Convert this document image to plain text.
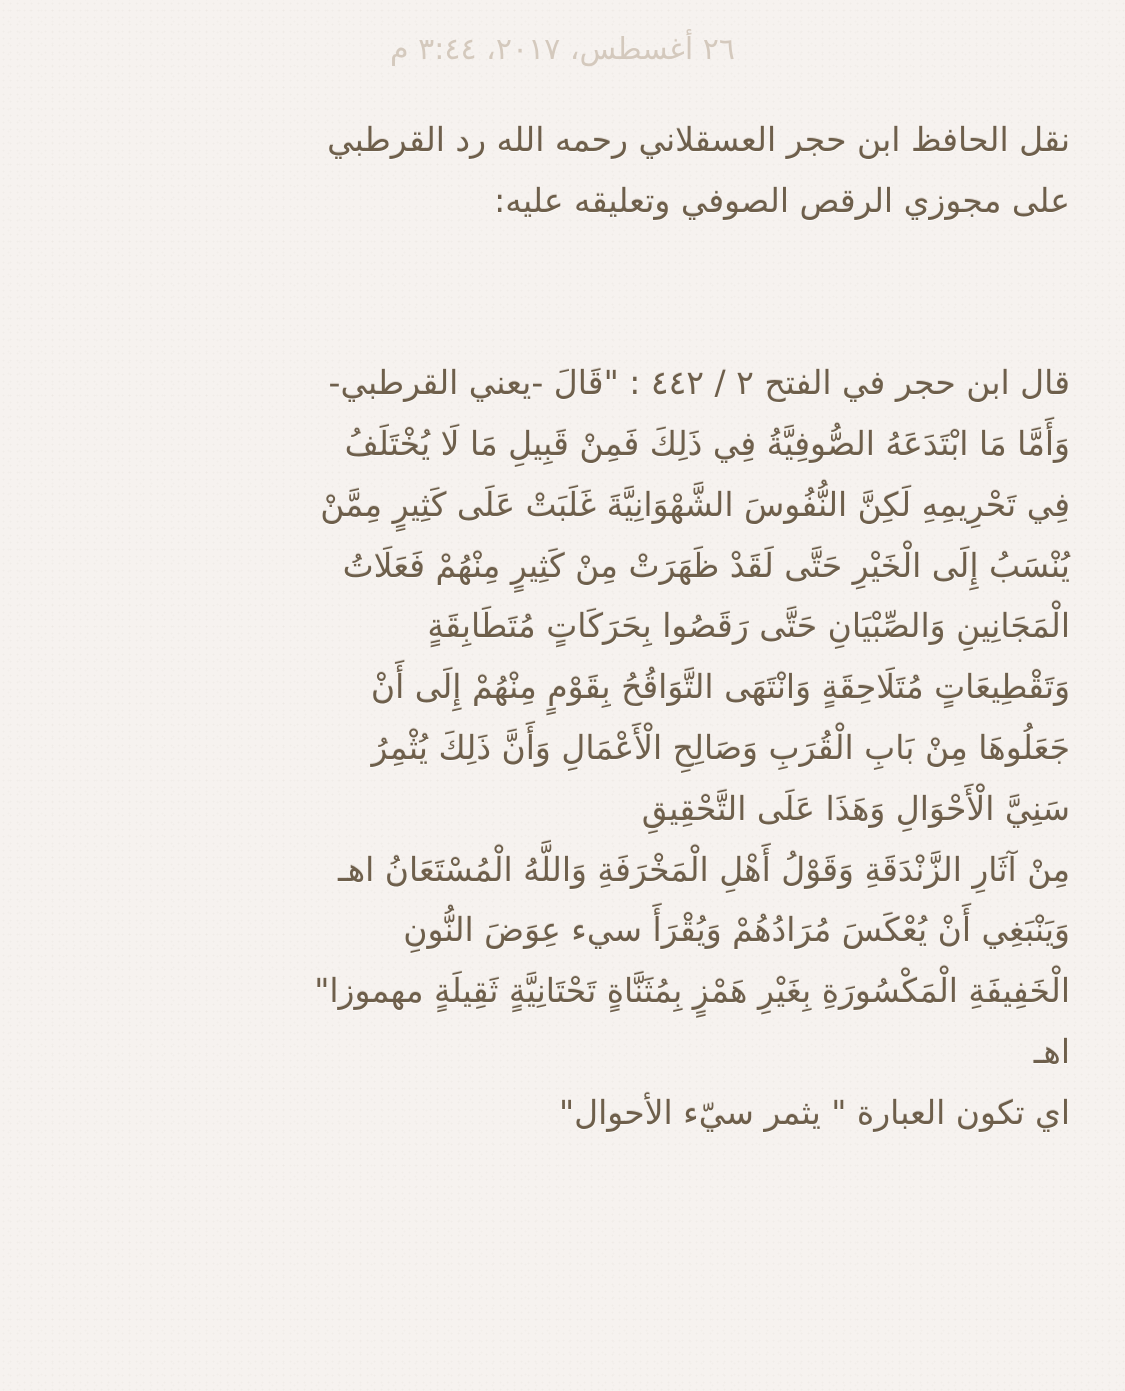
٢٦ أغسطس، ٢٠١٧، ٣:٤٤ م
نقل الحافظ ابن حجر العسقلاني رحمه الله رد القرطبي
على مجوزي الرقص الصوفي وتعليقه عليه:
قال ابن حجر في الفتح ٢ / ٤٤٢ : "قَالَ -يعني القرطبي-
وَأَمَّا مَا ابْتَدَعَهُ الصُّوفِيَّةُ فِي ذَلِكَ فَمِنْ قَبِيلِ مَا لَا يُخْتَلَفُ
فِي تَحْرِيمِهِ لَكِنَّ النُّفُوسَ الشَّهْوَانِيَّةَ غَلَبَتْ عَلَى كَثِيرٍ مِمَّنْ
يُنْسَبُ إِلَى الْخَيْرِ حَتَّى لَقَدْ ظَهَرَتْ مِنْ كَثِيرٍ مِنْهُمْ فَعَلَاتُ
الْمَجَانِينِ وَالصِّبْيَانِ حَتَّى رَقَصُوا بِحَرَكَاتٍ مُتَطَابِقَةٍ
وَتَقْطِيعَاتٍ مُتَلَاحِقَةٍ وَانْتَهَى التَّوَاقُحُ بِقَوْمٍ مِنْهُمْ إِلَى أَنْ
جَعَلُوهَا مِنْ بَابِ الْقُرَبِ وَصَالِحِ الْأَعْمَالِ وَأَنَّ ذَلِكَ يُثْمِرُ
سَنِيَّ الْأَحْوَالِ وَهَذَا عَلَى التَّحْقِيقِ
مِنْ آثَارِ الزَّنْدَقَةِ وَقَوْلُ أَهْلِ الْمَخْرَفَةِ وَاللَّهُ الْمُسْتَعَانُ اهـ
وَيَنْبَغِي أَنْ يُعْكَسَ مُرَادُهُمْ وَيُقْرَأَ سيء عِوَضَ النُّونِ
الْخَفِيفَةِ الْمَكْسُورَةِ بِغَيْرِ هَمْزٍ بِمُثَنَّاةٍ تَحْتَانِيَّةٍ ثَقِيلَةٍ مهموزا"
اهـ
اي تكون العبارة " يثمر سيّء الأحوال"
